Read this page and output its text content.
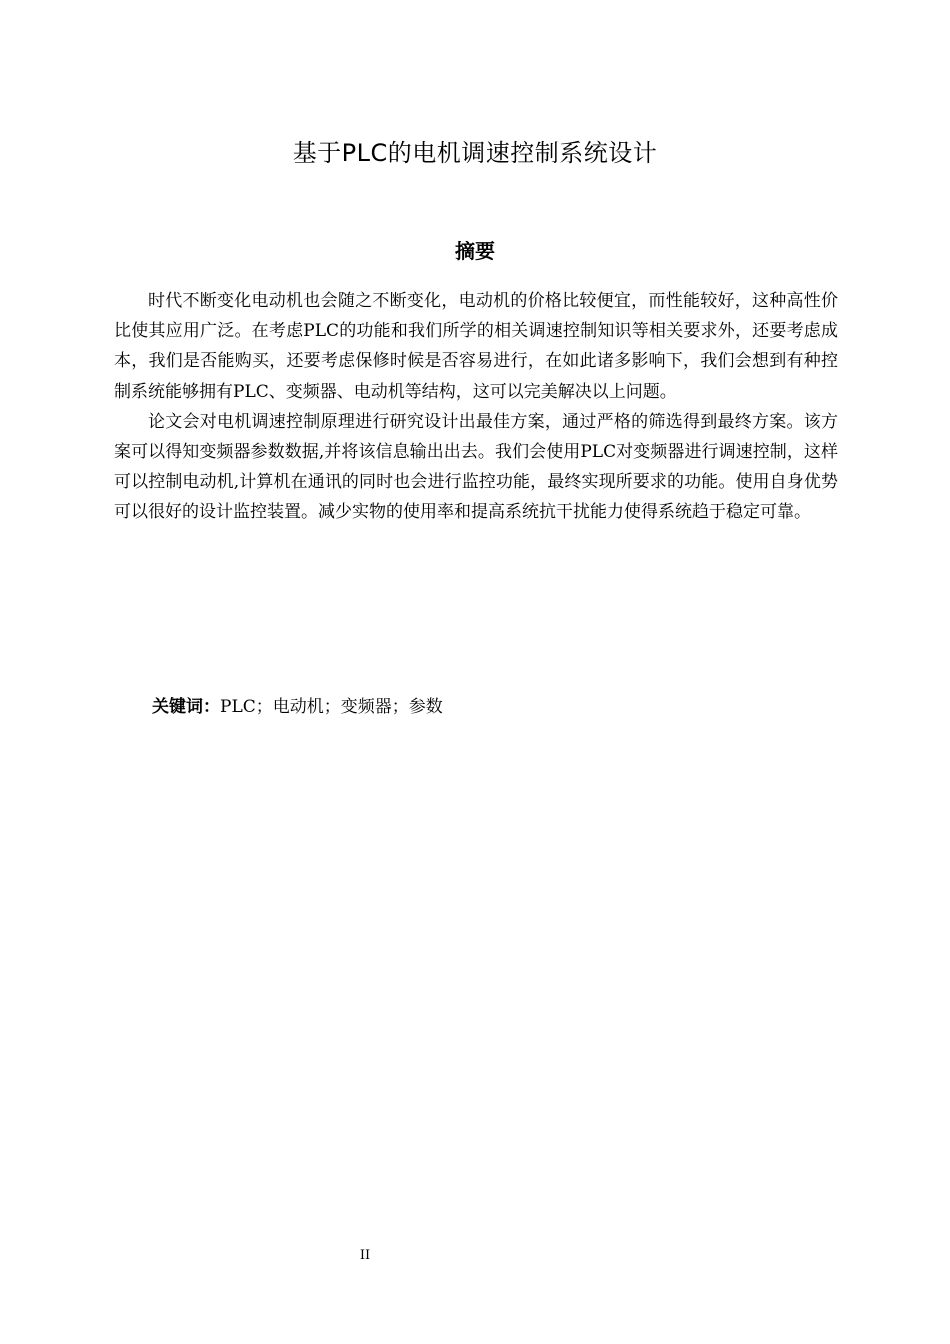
基于PLC的电机调速控制系统设计
摘要

时代不断变化电动机也会随之不断变化，电动机的价格比较便宜，而性能较好，这种高性价比使其应用广泛。在考虑PLC的功能和我们所学的相关调速控制知识等相关要求外，还要考虑成本，我们是否能购买，还要考虑保修时候是否容易进行，在如此诸多影响下，我们会想到有种控制系统能够拥有PLC、变频器、电动机等结构，这可以完美解决以上问题。

论文会对电机调速控制原理进行研究设计出最佳方案，通过严格的筛选得到最终方案。该方案可以得知变频器参数数据,并将该信息输出出去。我们会使用PLC对变频器进行调速控制，这样可以控制电动机,计算机在通讯的同时也会进行监控功能，最终实现所要求的功能。使用自身优势可以很好的设计监控装置。减少实物的使用率和提高系统抗干扰能力使得系统趋于稳定可靠。

关键词：PLC；电动机；变频器；参数
II
